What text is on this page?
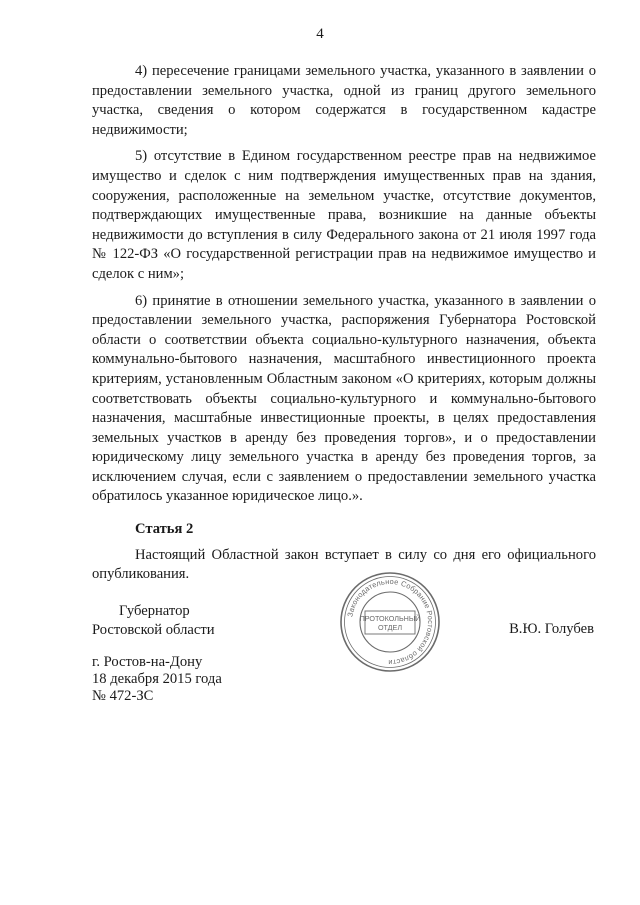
4

4) пересечение границами земельного участка, указанного в заявлении о предоставлении земельного участка, одной из границ другого земельного участка, сведения о котором содержатся в государственном кадастре недвижимости;

5) отсутствие в Едином государственном реестре прав на недвижимое имущество и сделок с ним подтверждения имущественных прав на здания, сооружения, расположенные на земельном участке, отсутствие документов, подтверждающих имущественные права, возникшие на данные объекты недвижимости до вступления в силу Федерального закона от 21 июля 1997 года № 122-ФЗ «О государственной регистрации прав на недвижимое имущество и сделок с ним»;

6) принятие в отношении земельного участка, указанного в заявлении о предоставлении земельного участка, распоряжения Губернатора Ростовской области о соответствии объекта социально-культурного назначения, объекта коммунально-бытового назначения, масштабного инвестиционного проекта критериям, установленным Областным законом «О критериях, которым должны соответствовать объекты социально-культурного и коммунально-бытового назначения, масштабные инвестиционные проекты, в целях предоставления земельных участков в аренду без проведения торгов», и о предоставлении юридическому лицу земельного участка в аренду без проведения торгов, за исключением случая, если с заявлением о предоставлении земельного участка обратилось указанное юридическое лицо.».

Статья 2

Настоящий Областной закон вступает в силу со дня его официального опубликования.

Губернатор
Ростовской области	В.Ю. Голубев
г. Ростов-на-Дону
18 декабря 2015 года
№ 472-ЗС
Законодательное Собрание Ростовской области
ПРОТОКОЛЬНЫЙ
ОТДЕЛ
